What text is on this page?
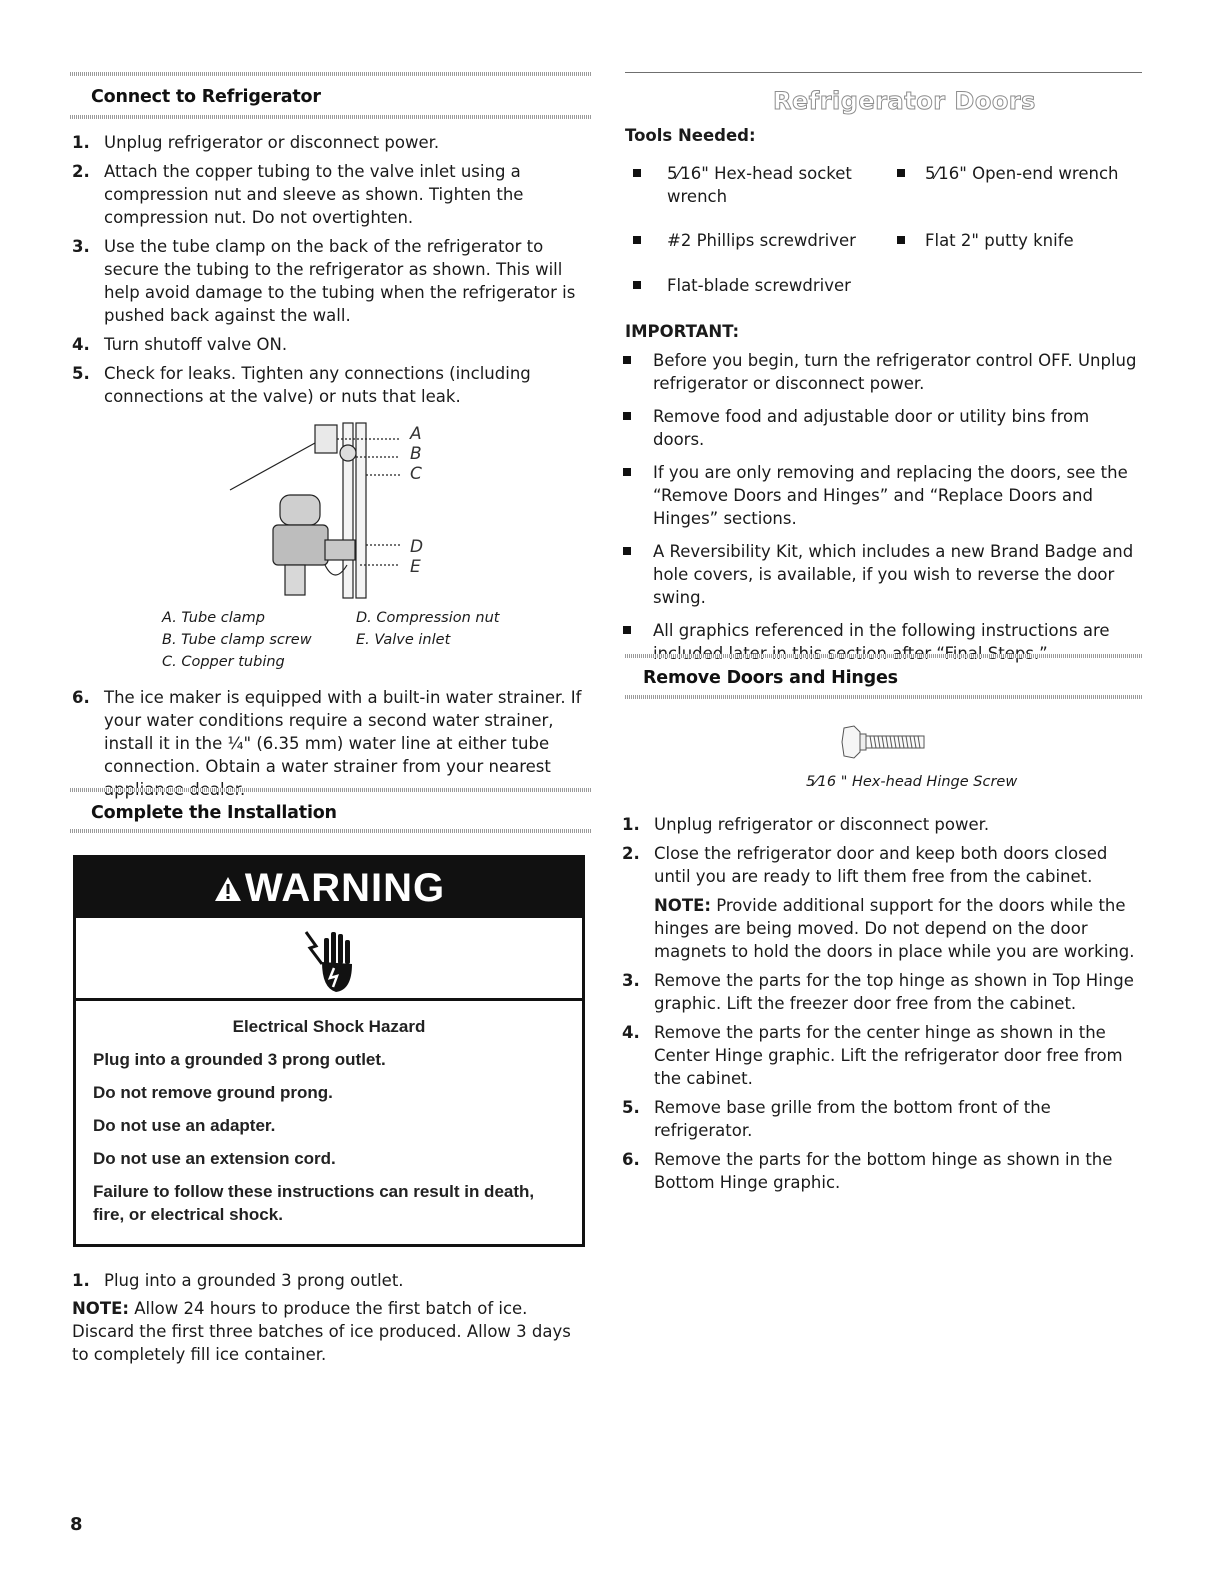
Connect to Refrigerator
1. Unplug refrigerator or disconnect power.
2. Attach the copper tubing to the valve inlet using a compression nut and sleeve as shown. Tighten the compression nut. Do not overtighten.
3. Use the tube clamp on the back of the refrigerator to secure the tubing to the refrigerator as shown. This will help avoid damage to the tubing when the refrigerator is pushed back against the wall.
4. Turn shutoff valve ON.
5. Check for leaks. Tighten any connections (including connections at the valve) or nuts that leak.
A
B
C
D
E
A. Tube clamp
B. Tube clamp screw
C. Copper tubing
D. Compression nut
E. Valve inlet
6. The ice maker is equipped with a built-in water strainer. If your water conditions require a second water strainer, install it in the ¼" (6.35 mm) water line at either tube connection. Obtain a water strainer from your nearest
Complete the Installation
WARNING
Electrical Shock Hazard
Plug into a grounded 3 prong outlet.
Do not remove ground prong.
Do not use an adapter.
Do not use an extension cord.
Failure to follow these instructions can result in death, fire, or electrical shock.
1. Plug into a grounded 3 prong outlet.
NOTE: Allow 24 hours to produce the first batch of ice. Discard the first three batches of ice produced. Allow 3 days to completely fill ice container.
8
Refrigerator Doors
Tools Needed:
5⁄16" Hex-head socket wrench
5⁄16" Open-end wrench
#2 Phillips screwdriver	Flat 2" putty knife
Flat-blade screwdriver
IMPORTANT:
Before you begin, turn the refrigerator control OFF. Unplug refrigerator or disconnect power.
Remove food and adjustable door or utility bins from doors.
If you are only removing and replacing the doors, see the “Remove Doors and Hinges” and “Replace Doors and Hinges” sections.
A Reversibility Kit, which includes a new Brand Badge and hole covers, is available, if you wish to reverse the door swing.
All graphics referenced in the following instructions are
Remove Doors and Hinges
5⁄16 " Hex-head Hinge Screw
1. Unplug refrigerator or disconnect power.
2. Close the refrigerator door and keep both doors closed until you are ready to lift them free from the cabinet.
NOTE: Provide additional support for the doors while the hinges are being moved. Do not depend on the door magnets to hold the doors in place while you are working.
3. Remove the parts for the top hinge as shown in Top Hinge graphic. Lift the freezer door free from the cabinet.
4. Remove the parts for the center hinge as shown in the Center Hinge graphic. Lift the refrigerator door free from the cabinet.
5. Remove base grille from the bottom front of the refrigerator.
6. Remove the parts for the bottom hinge as shown in the Bottom Hinge graphic.
